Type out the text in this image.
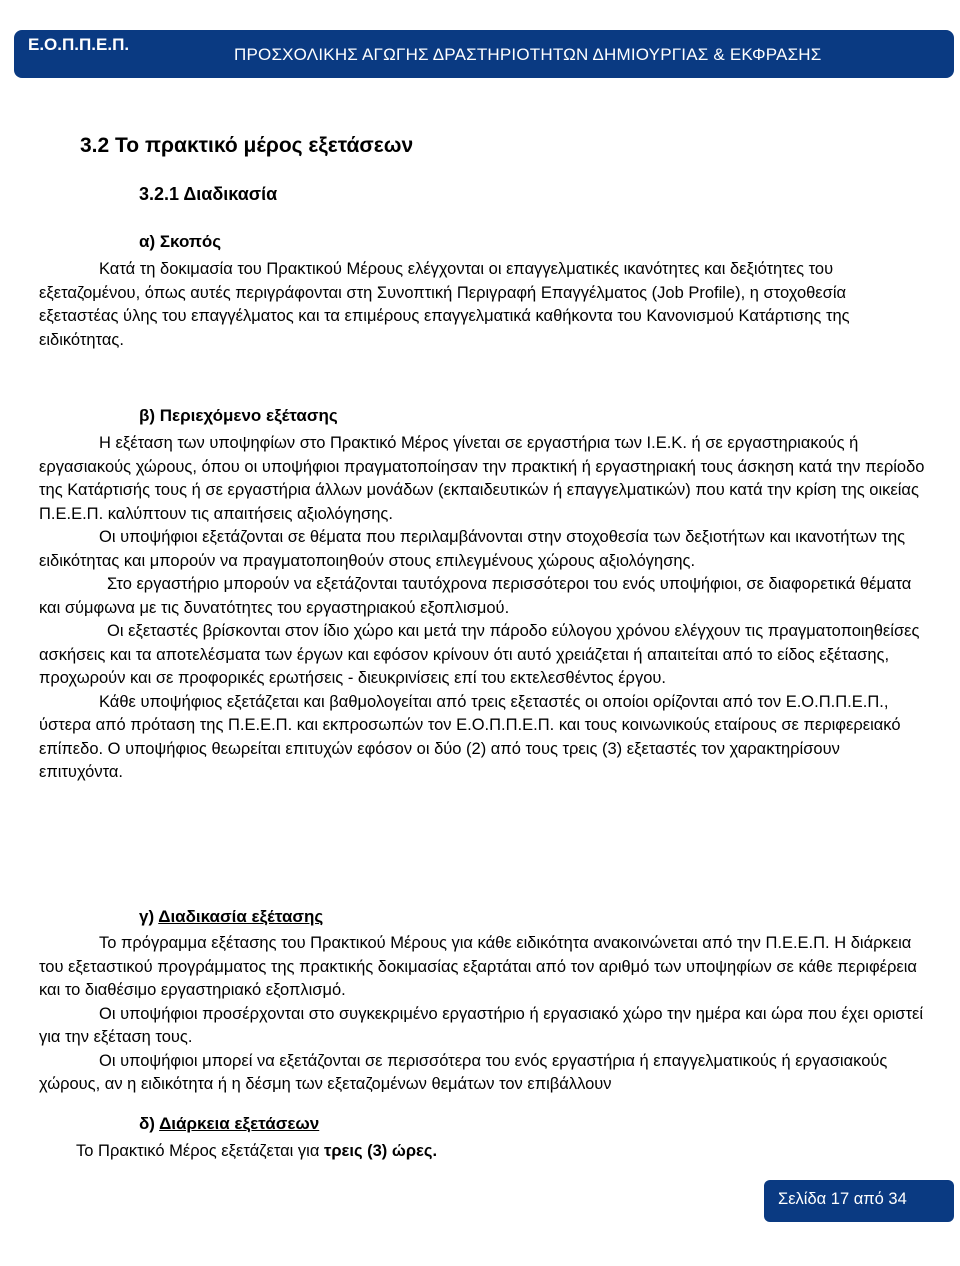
Ε.Ο.Π.Π.Ε.Π.
ΠΡΟΣΧΟΛΙΚΗΣ ΑΓΩΓΗΣ ΔΡΑΣΤΗΡΙΟΤΗΤΩΝ ΔΗΜΙΟΥΡΓΙΑΣ & ΕΚΦΡΑΣΗΣ
3.2 Το πρακτικό μέρος εξετάσεων
3.2.1 Διαδικασία
α) Σκοπός

Κατά τη δοκιμασία του Πρακτικού Μέρους ελέγχονται οι επαγγελματικές ικανότητες και δεξιότητες του εξεταζομένου, όπως αυτές περιγράφονται στη Συνοπτική Περιγραφή Επαγγέλματος (Job Profile), η στοχοθεσία εξεταστέας ύλης του επαγγέλματος και τα επιμέρους επαγγελματικά καθήκοντα του Κανονισμού Κατάρτισης της ειδικότητας.

β) Περιεχόμενο εξέτασης

Η εξέταση των υποψηφίων στο Πρακτικό Μέρος γίνεται σε εργαστήρια των Ι.Ε.Κ. ή σε εργαστηριακούς ή εργασιακούς χώρους, όπου οι υποψήφιοι πραγματοποίησαν την πρακτική ή εργαστηριακή τους άσκηση κατά την περίοδο της Κατάρτισής τους ή σε εργαστήρια άλλων μονάδων (εκπαιδευτικών ή επαγγελματικών) που κατά την κρίση της οικείας Π.Ε.Ε.Π. καλύπτουν τις απαιτήσεις αξιολόγησης.

Οι υποψήφιοι εξετάζονται σε θέματα που περιλαμβάνονται στην στοχοθεσία των δεξιοτήτων και ικανοτήτων της ειδικότητας και μπορούν να πραγματοποιηθούν στους επιλεγμένους χώρους αξιολόγησης.

Στο εργαστήριο μπορούν να εξετάζονται ταυτόχρονα περισσότεροι του ενός υποψήφιοι, σε διαφορετικά θέματα και σύμφωνα με τις δυνατότητες του εργαστηριακού εξοπλισμού.

Οι εξεταστές βρίσκονται στον ίδιο χώρο και μετά την πάροδο εύλογου χρόνου ελέγχουν τις πραγματοποιηθείσες ασκήσεις και τα αποτελέσματα των έργων και εφόσον κρίνουν ότι αυτό χρειάζεται ή απαιτείται από το είδος εξέτασης, προχωρούν και σε προφορικές ερωτήσεις - διευκρινίσεις επί του εκτελεσθέντος έργου.

Κάθε υποψήφιος εξετάζεται και βαθμολογείται από τρεις εξεταστές οι οποίοι ορίζονται από τον Ε.Ο.Π.Π.Ε.Π., ύστερα από πρόταση της Π.Ε.Ε.Π. και εκπροσωπών τον Ε.Ο.Π.Π.Ε.Π. και τους κοινωνικούς εταίρους σε περιφερειακό επίπεδο. Ο υποψήφιος θεωρείται επιτυχών εφόσον οι δύο (2) από τους τρεις (3) εξεταστές τον χαρακτηρίσουν επιτυχόντα.

γ) Διαδικασία εξέτασης

Το πρόγραμμα εξέτασης του Πρακτικού Μέρους για κάθε ειδικότητα ανακοινώνεται από την Π.Ε.Ε.Π. Η διάρκεια του εξεταστικού προγράμματος της πρακτικής δοκιμασίας εξαρτάται από τον αριθμό των υποψηφίων σε κάθε περιφέρεια και το διαθέσιμο εργαστηριακό εξοπλισμό.

Οι υποψήφιοι προσέρχονται στο συγκεκριμένο εργαστήριο ή εργασιακό χώρο την ημέρα και ώρα που έχει οριστεί για την εξέταση τους.

Οι υποψήφιοι μπορεί να εξετάζονται σε περισσότερα του ενός εργαστήρια ή επαγγελματικούς ή εργασιακούς χώρους, αν η ειδικότητα ή η δέσμη των εξεταζομένων θεμάτων τον επιβάλλουν

δ) Διάρκεια εξετάσεων

Το Πρακτικό Μέρος εξετάζεται για τρεις (3) ώρες.

Σελίδα 17 από 34
